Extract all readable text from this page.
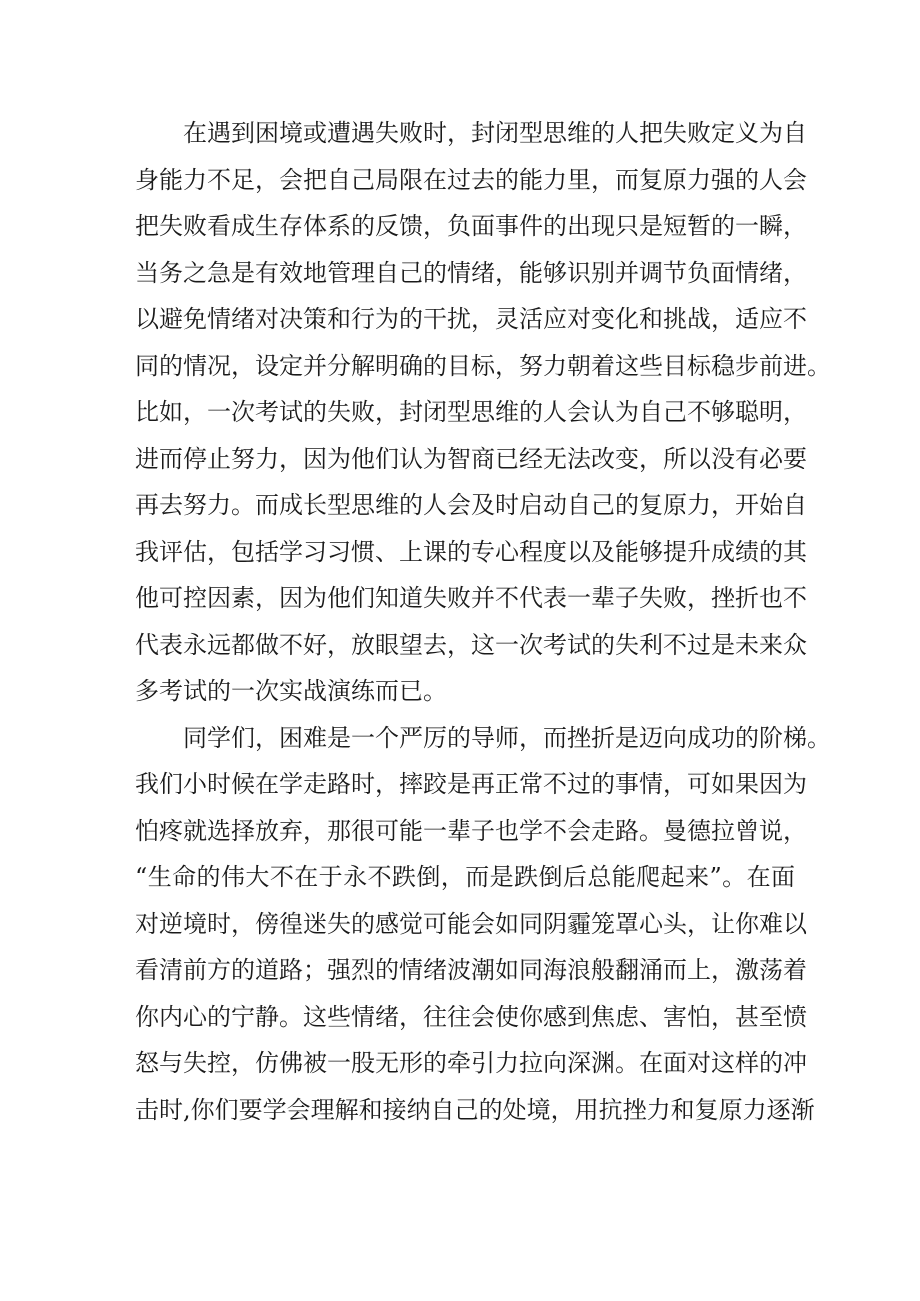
在遇到困境或遭遇失败时，封闭型思维的人把失败定义为自
身能力不足，会把自己局限在过去的能力里，而复原力强的人会
把失败看成生存体系的反馈，负面事件的出现只是短暂的一瞬，
当务之急是有效地管理自己的情绪，能够识别并调节负面情绪，
以避免情绪对决策和行为的干扰，灵活应对变化和挑战，适应不
同的情况，设定并分解明确的目标，努力朝着这些目标稳步前进。
比如，一次考试的失败，封闭型思维的人会认为自己不够聪明，
进而停止努力，因为他们认为智商已经无法改变，所以没有必要
再去努力。而成长型思维的人会及时启动自己的复原力，开始自
我评估，包括学习习惯、上课的专心程度以及能够提升成绩的其
他可控因素，因为他们知道失败并不代表一辈子失败，挫折也不
代表永远都做不好，放眼望去，这一次考试的失利不过是未来众
多考试的一次实战演练而已。
同学们，困难是一个严厉的导师，而挫折是迈向成功的阶梯。
我们小时候在学走路时，摔跤是再正常不过的事情，可如果因为
怕疼就选择放弃，那很可能一辈子也学不会走路。曼德拉曾说，
“生命的伟大不在于永不跌倒，而是跌倒后总能爬起来”。在面
对逆境时，傍徨迷失的感觉可能会如同阴霾笼罩心头，让你难以
看清前方的道路；强烈的情绪波潮如同海浪般翻涌而上，激荡着
你内心的宁静。这些情绪，往往会使你感到焦虑、害怕，甚至愤
怒与失控，仿佛被一股无形的牵引力拉向深渊。在面对这样的冲
击时,你们要学会理解和接纳自己的处境，用抗挫力和复原力逐渐
